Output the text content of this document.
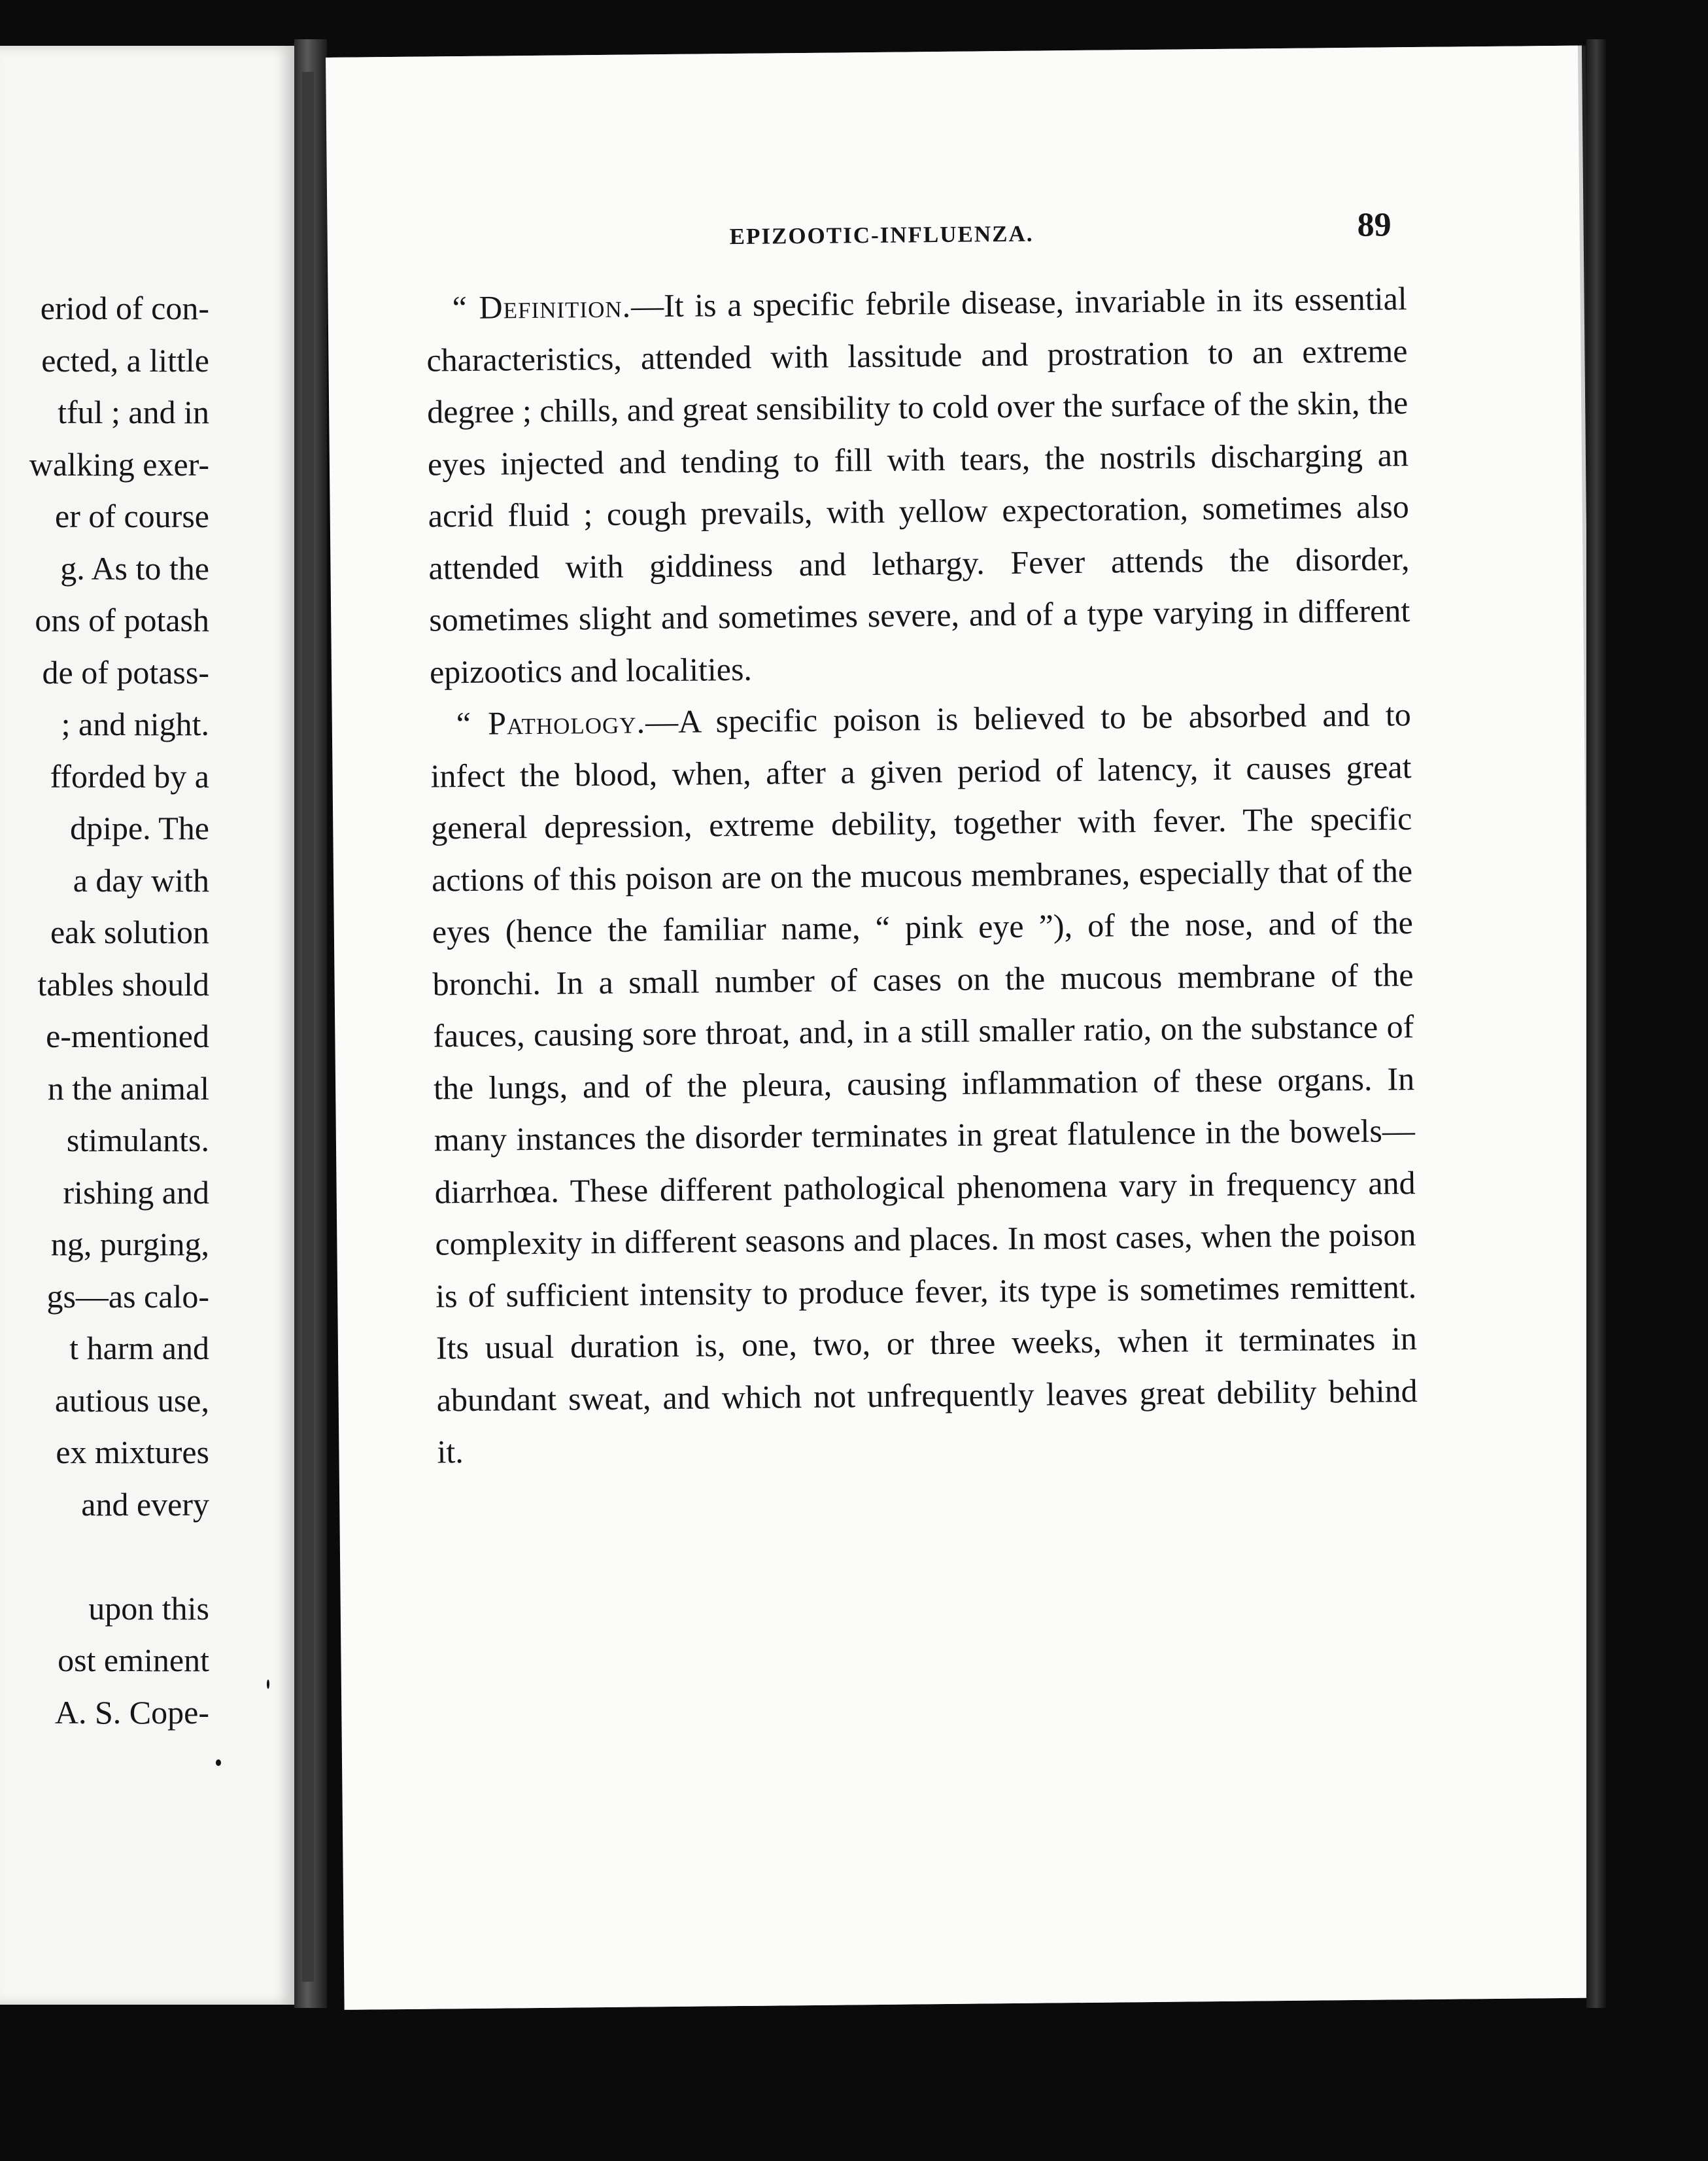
eriod of con-
ected, a little
tful ; and in
walking exer-
er of course
g. As to the
ons of potash
de of potass-
; and night.
fforded by a
dpipe. The
a day with
eak solution
tables should
e-mentioned
n the animal
stimulants.
rishing and
ng, purging,
gs—as calo-
t harm and
autious use,
ex mixtures
and every
upon this
ost eminent
A. S. Cope-
EPIZOOTIC-INFLUENZA.	89

“ Definition.—It is a specific febrile disease, invariable in its essential characteristics, attended with lassitude and prostration to an extreme degree ; chills, and great sensibility to cold over the surface of the skin, the eyes injected and tending to fill with tears, the nostrils discharging an acrid fluid ; cough prevails, with yellow expectoration, sometimes also attended with giddiness and lethargy. Fever attends the disorder, sometimes slight and sometimes severe, and of a type varying in different epizootics and localities.

“ Pathology.—A specific poison is believed to be absorbed and to infect the blood, when, after a given period of latency, it causes great general depression, extreme debility, together with fever. The specific actions of this poison are on the mucous membranes, especially that of the eyes (hence the familiar name, “ pink eye ”), of the nose, and of the bronchi. In a small number of cases on the mucous membrane of the fauces, causing sore throat, and, in a still smaller ratio, on the substance of the lungs, and of the pleura, causing inflammation of these organs. In many instances the disorder terminates in great flatulence in the bowels—diarrhœa. These different pathological phenomena vary in frequency and complexity in different seasons and places. In most cases, when the poison is of sufficient intensity to produce fever, its type is sometimes remittent. Its usual duration is, one, two, or three weeks, when it terminates in abundant sweat, and which not unfrequently leaves great debility behind it.
